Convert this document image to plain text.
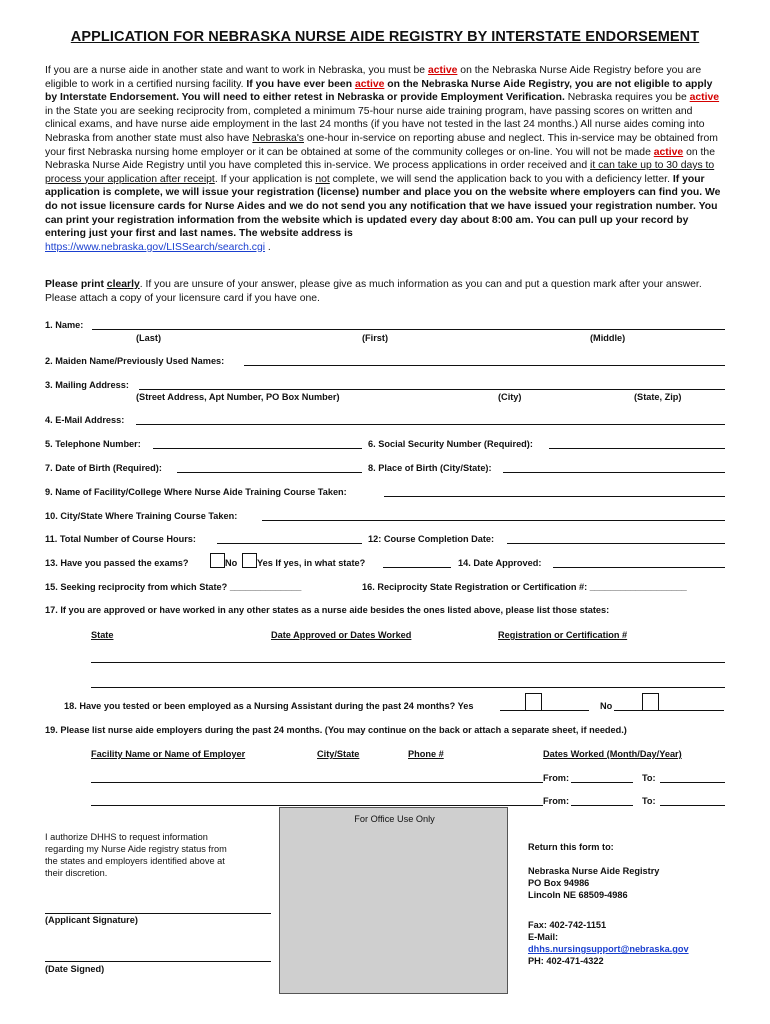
APPLICATION FOR NEBRASKA NURSE AIDE REGISTRY BY INTERSTATE ENDORSEMENT
If you are a nurse aide in another state and want to work in Nebraska, you must be active on the Nebraska Nurse Aide Registry before you are eligible to work in a certified nursing facility. If you have ever been active on the Nebraska Nurse Aide Registry, you are not eligible to apply by Interstate Endorsement. You will need to either retest in Nebraska or provide Employment Verification. Nebraska requires you be active in the State you are seeking reciprocity from, completed a minimum 75-hour nurse aide training program, have passing scores on written and clinical exams, and have nurse aide employment in the last 24 months (if you have not tested in the last 24 months.) All nurse aides coming into Nebraska from another state must also have Nebraska's one-hour in-service on reporting abuse and neglect. This in-service may be obtained from your first Nebraska nursing home employer or it can be obtained at some of the community colleges or on-line. You will not be made active on the Nebraska Nurse Aide Registry until you have completed this in-service. We process applications in order received and it can take up to 30 days to process your application after receipt. If your application is not complete, we will send the application back to you with a deficiency letter. If your application is complete, we will issue your registration (license) number and place you on the website where employers can find you. We do not issue licensure cards for Nurse Aides and we do not send you any notification that we have issued your registration number. You can print your registration information from the website which is updated every day about 8:00 am. You can pull up your record by entering just your first and last names. The website address is
https://www.nebraska.gov/LISSearch/search.cgi .
Please print clearly. If you are unsure of your answer, please give as much information as you can and put a question mark after your answer. Please attach a copy of your licensure card if you have one.
1. Name:
(Last)	(First)	(Middle)
2. Maiden Name/Previously Used Names:
3. Mailing Address:
(Street Address, Apt Number, PO Box Number)	(City)	(State, Zip)
4. E-Mail Address:
5. Telephone Number:	6. Social Security Number (Required):
7. Date of Birth (Required):	8. Place of Birth (City/State):
9. Name of Facility/College Where Nurse Aide Training Course Taken:
10. City/State Where Training Course Taken:
11. Total Number of Course Hours:	12: Course Completion Date:
13. Have you passed the exams?	No Yes If yes, in what state?	14. Date Approved:
15. Seeking reciprocity from which State? ______________	16. Reciprocity State Registration or Certification #: ___________________
17. If you are approved or have worked in any other states as a nurse aide besides the ones listed above, please list those states:
State	Date Approved or Dates Worked	Registration or Certification #
18. Have you tested or been employed as a Nursing Assistant during the past 24 months? Yes	No
19. Please list nurse aide employers during the past 24 months. (You may continue on the back or attach a separate sheet, if needed.)
Facility Name or Name of Employer	City/State	Phone #	Dates Worked (Month/Day/Year)
From:	To:
From:	To:
For Office Use Only
I authorize DHHS to request information regarding my Nurse Aide registry status from the states and employers identified above at their discretion.
(Applicant Signature)
(Date Signed)
Return this form to:
Nebraska Nurse Aide Registry
PO Box 94986
Lincoln NE 68509-4986
Fax: 402-742-1151
E-Mail:
dhhs.nursingsupport@nebraska.gov
PH: 402-471-4322
